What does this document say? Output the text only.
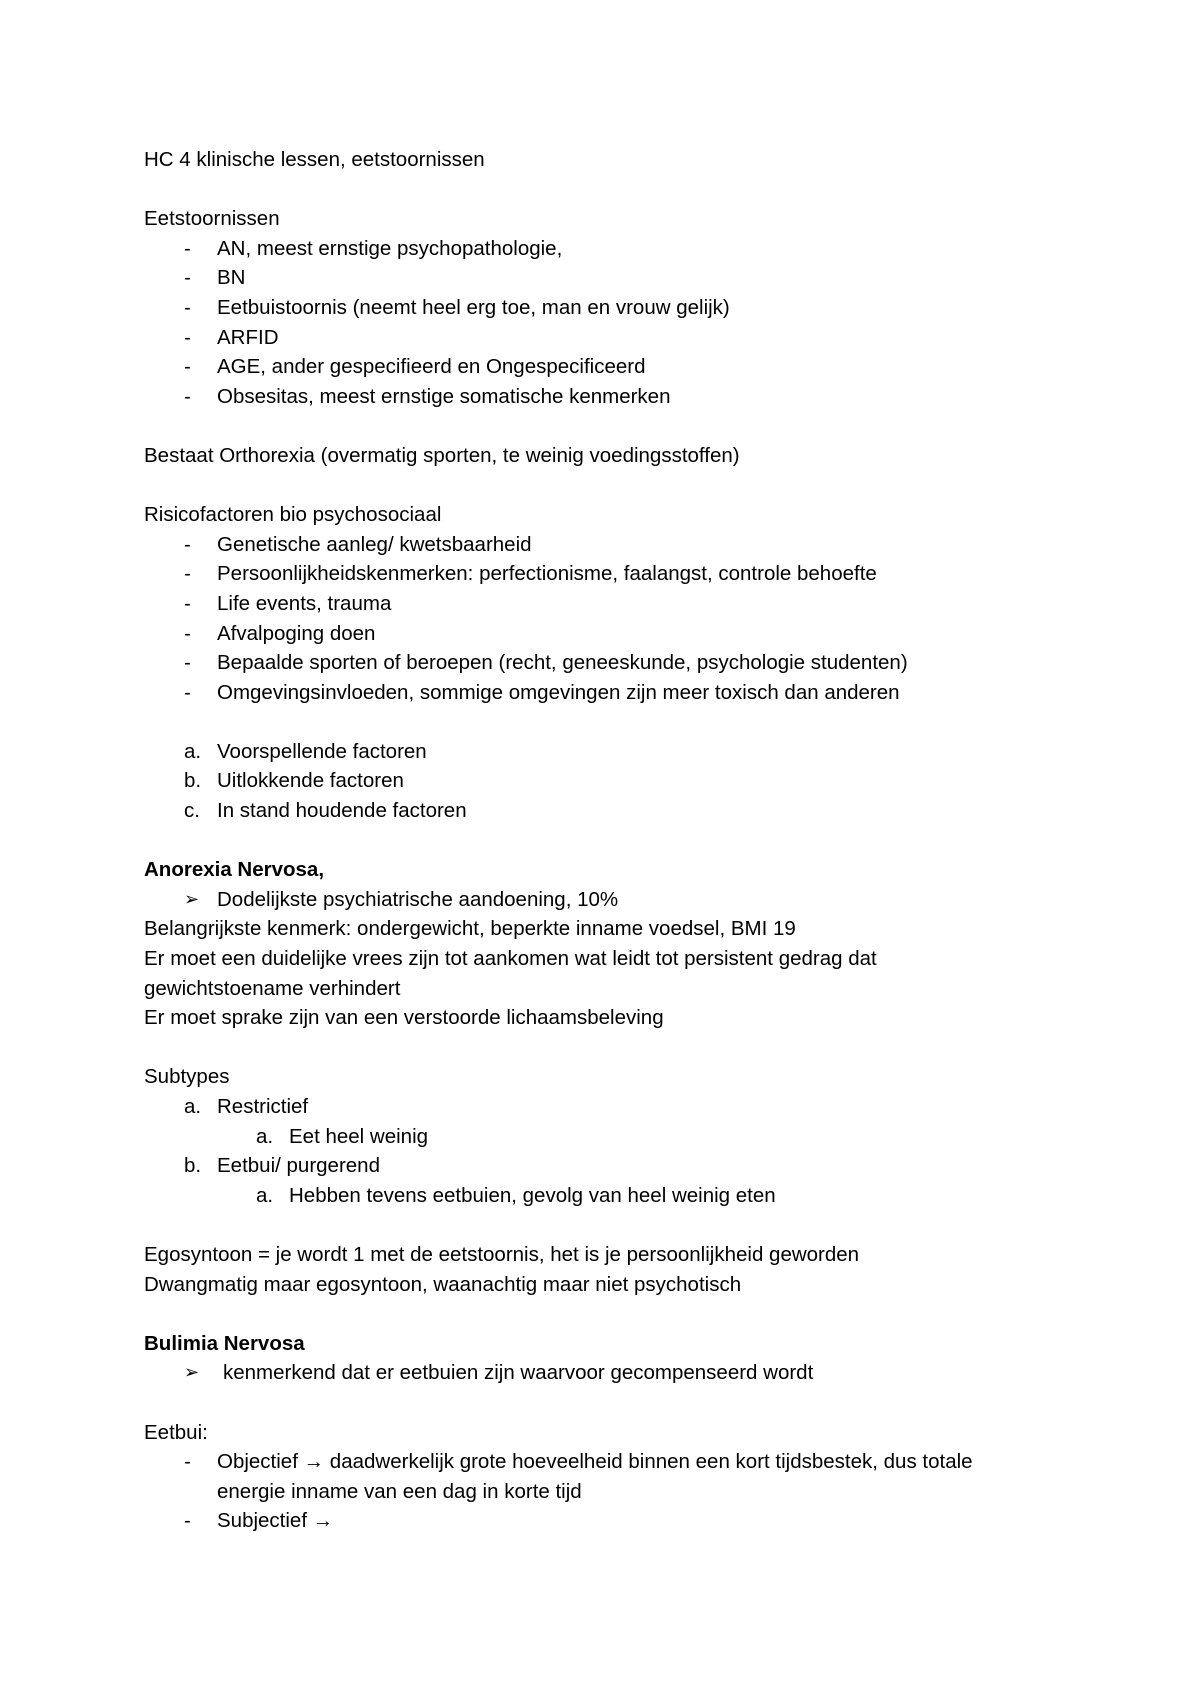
HC 4 klinische lessen, eetstoornissen
Eetstoornissen
- AN, meest ernstige psychopathologie,
- BN
- Eetbuistoornis (neemt heel erg toe, man en vrouw gelijk)
- ARFID
- AGE, ander gespecifieerd en Ongespecificeerd
- Obsesitas, meest ernstige somatische kenmerken
Bestaat Orthorexia (overmatig sporten, te weinig voedingsstoffen)
Risicofactoren bio psychosociaal
- Genetische aanleg/ kwetsbaarheid
- Persoonlijkheidskenmerken: perfectionisme, faalangst, controle behoefte
- Life events, trauma
- Afvalpoging doen
- Bepaalde sporten of beroepen (recht, geneeskunde, psychologie studenten)
- Omgevingsinvloeden, sommige omgevingen zijn meer toxisch dan anderen
a. Voorspellende factoren
b. Uitlokkende factoren
c. In stand houdende factoren
Anorexia Nervosa,
➢ Dodelijkste psychiatrische aandoening, 10%
Belangrijkste kenmerk: ondergewicht, beperkte inname voedsel, BMI 19
Er moet een duidelijke vrees zijn tot aankomen wat leidt tot persistent gedrag dat
gewichtstoename verhindert
Er moet sprake zijn van een verstoorde lichaamsbeleving
Subtypes
a. Restrictief
a. Eet heel weinig
b. Eetbui/ purgerend
a. Hebben tevens eetbuien, gevolg van heel weinig eten
Egosyntoon = je wordt 1 met de eetstoornis, het is je persoonlijkheid geworden
Dwangmatig maar egosyntoon, waanachtig maar niet psychotisch
Bulimia Nervosa
➢ kenmerkend dat er eetbuien zijn waarvoor gecompenseerd wordt
Eetbui:
- Objectief → daadwerkelijk grote hoeveelheid binnen een kort tijdsbestek, dus totale
energie inname van een dag in korte tijd
- Subjectief →
